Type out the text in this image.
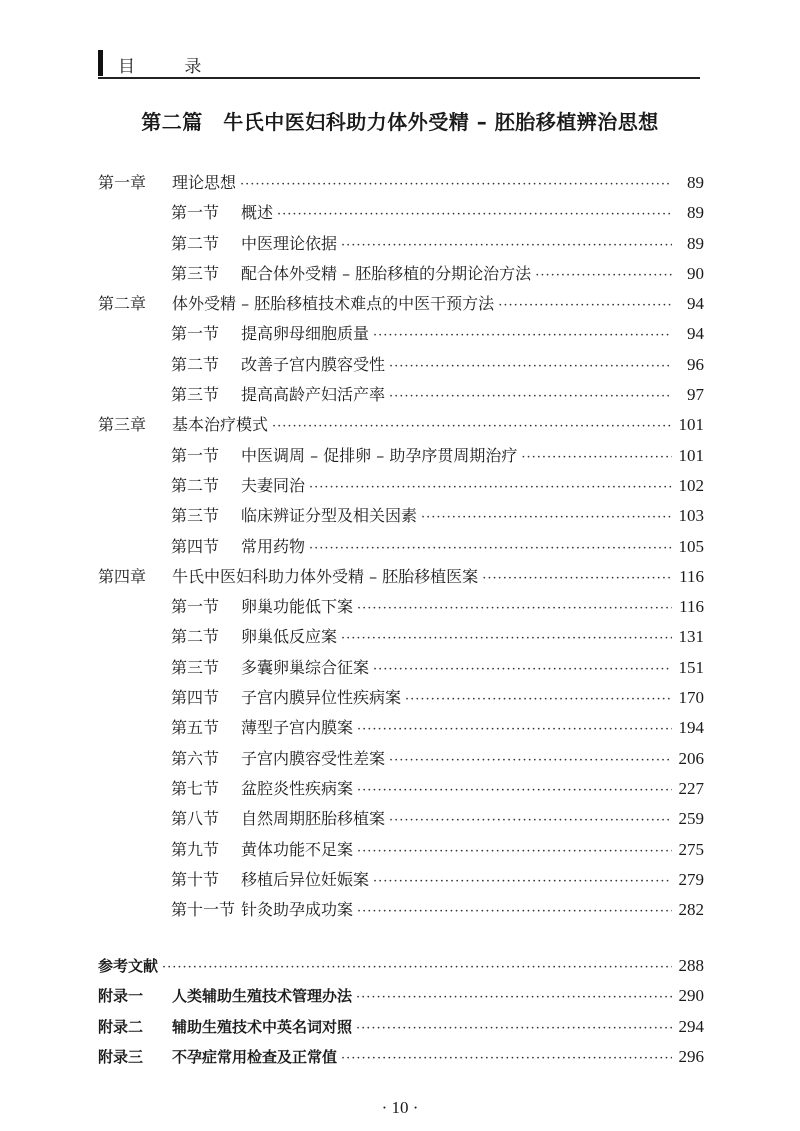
目 录
第二篇　牛氏中医妇科助力体外受精 – 胚胎移植辨治思想
第一章	理论思想 ·····	89
第一节	概述 ·····	89
第二节	中医理论依据 ·····	89
第三节	配合体外受精 – 胚胎移植的分期论治方法 ·····	90
第二章	体外受精 – 胚胎移植技术难点的中医干预方法 ·····	94
第一节	提高卵母细胞质量 ·····	94
第二节	改善子宫内膜容受性 ·····	96
第三节	提高高龄产妇活产率 ·····	97
第三章	基本治疗模式 ·····	101
第一节	中医调周 – 促排卵 – 助孕序贯周期治疗 ·····	101
第二节	夫妻同治 ·····	102
第三节	临床辨证分型及相关因素 ·····	103
第四节	常用药物 ·····	105
第四章	牛氏中医妇科助力体外受精 – 胚胎移植医案 ·····	116
第一节	卵巢功能低下案 ·····	116
第二节	卵巢低反应案 ·····	131
第三节	多囊卵巢综合征案 ·····	151
第四节	子宫内膜异位性疾病案 ·····	170
第五节	薄型子宫内膜案 ·····	194
第六节	子宫内膜容受性差案 ·····	206
第七节	盆腔炎性疾病案 ·····	227
第八节	自然周期胚胎移植案 ·····	259
第九节	黄体功能不足案 ·····	275
第十节	移植后异位妊娠案 ·····	279
第十一节 针灸助孕成功案 ·····	282
参考文献 ·····	288
附录一	人类辅助生殖技术管理办法 ·····	290
附录二	辅助生殖技术中英名词对照 ·····	294
附录三	不孕症常用检查及正常值 ·····	296
· 10 ·
